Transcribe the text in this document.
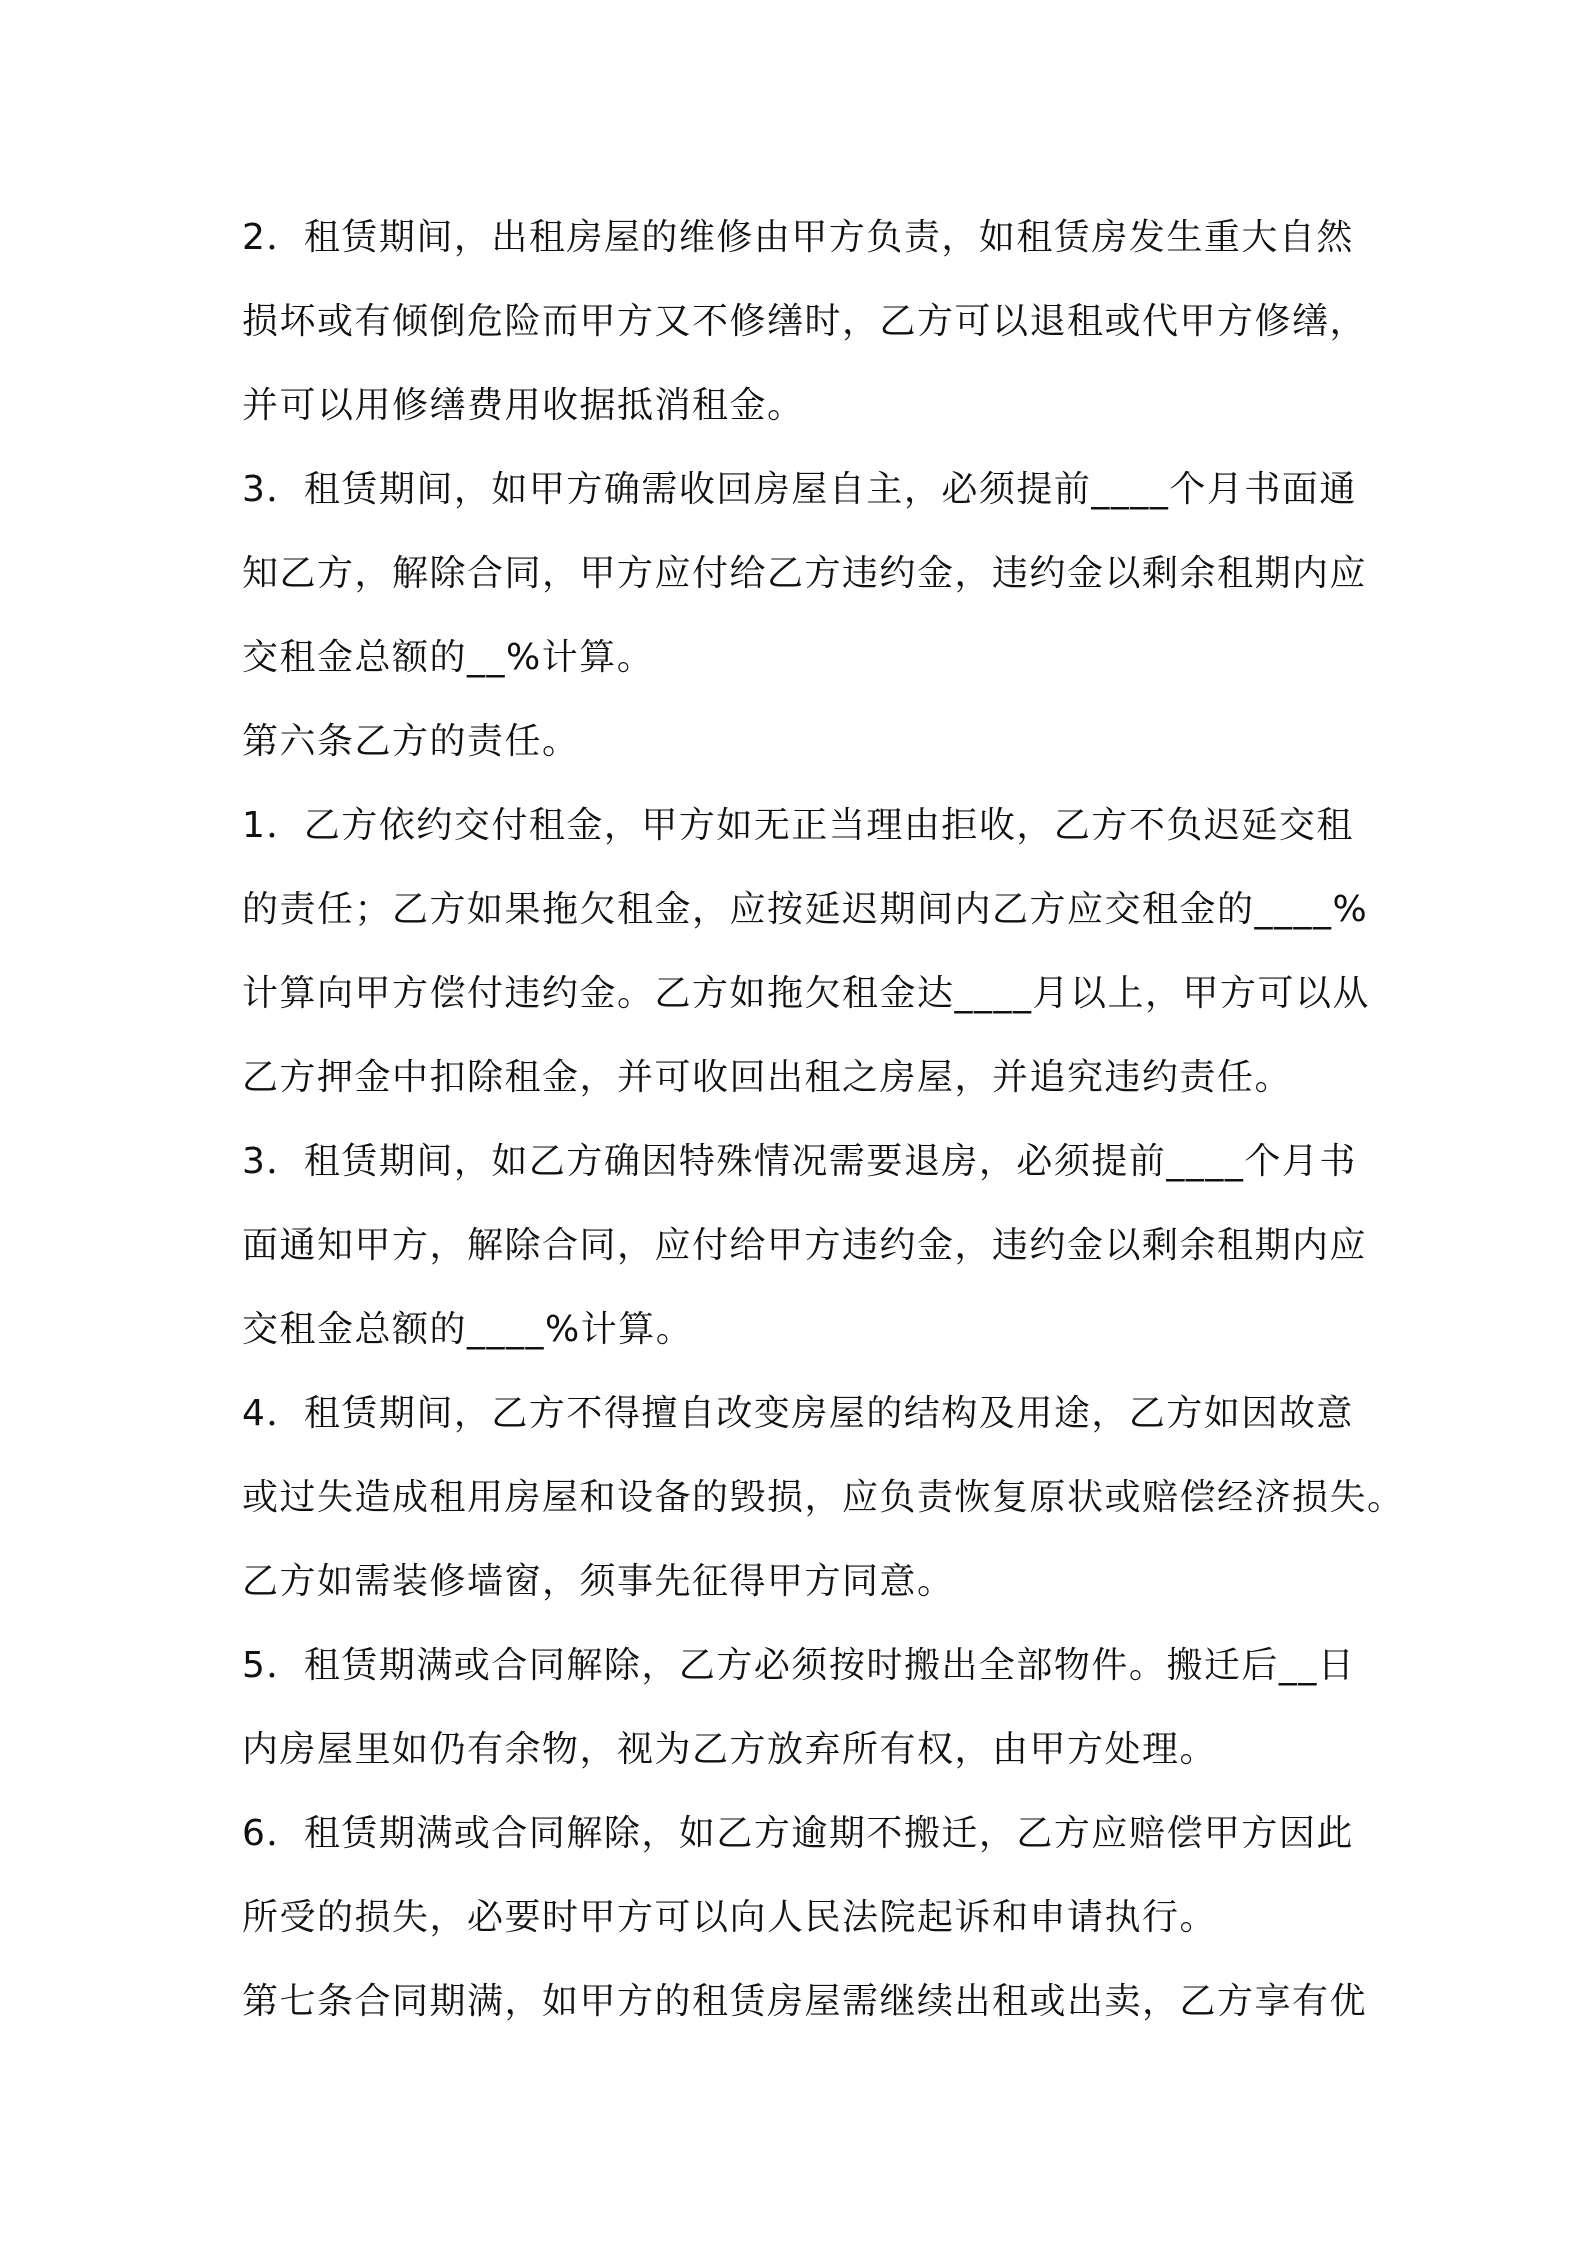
2．租赁期间，出租房屋的维修由甲方负责，如租赁房发生重大自然
损坏或有倾倒危险而甲方又不修缮时，乙方可以退租或代甲方修缮，
并可以用修缮费用收据抵消租金。
3．租赁期间，如甲方确需收回房屋自主，必须提前____个月书面通
知乙方，解除合同，甲方应付给乙方违约金，违约金以剩余租期内应
交租金总额的__%计算。
第六条乙方的责任。
1．乙方依约交付租金，甲方如无正当理由拒收，乙方不负迟延交租
的责任；乙方如果拖欠租金，应按延迟期间内乙方应交租金的____%
计算向甲方偿付违约金。乙方如拖欠租金达____月以上，甲方可以从
乙方押金中扣除租金，并可收回出租之房屋，并追究违约责任。
3．租赁期间，如乙方确因特殊情况需要退房，必须提前____个月书
面通知甲方，解除合同，应付给甲方违约金，违约金以剩余租期内应
交租金总额的____%计算。
4．租赁期间，乙方不得擅自改变房屋的结构及用途，乙方如因故意
或过失造成租用房屋和设备的毁损，应负责恢复原状或赔偿经济损失。
乙方如需装修墙窗，须事先征得甲方同意。
5．租赁期满或合同解除，乙方必须按时搬出全部物件。搬迁后__日
内房屋里如仍有余物，视为乙方放弃所有权，由甲方处理。
6．租赁期满或合同解除，如乙方逾期不搬迁，乙方应赔偿甲方因此
所受的损失，必要时甲方可以向人民法院起诉和申请执行。
第七条合同期满，如甲方的租赁房屋需继续出租或出卖，乙方享有优
